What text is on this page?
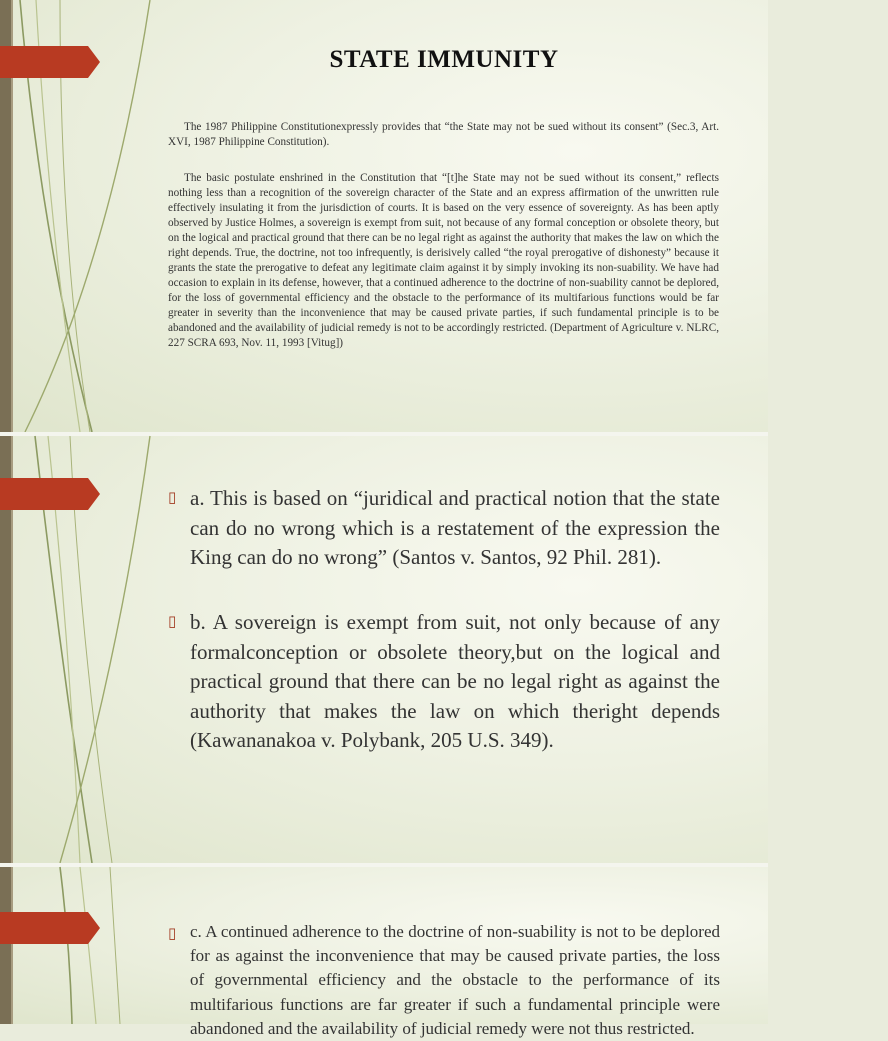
STATE IMMUNITY
The 1987 Philippine Constitutionexpressly provides that “the State may not be sued without its consent” (Sec.3, Art. XVI, 1987 Philippine Constitution).
The basic postulate enshrined in the Constitution that “[t]he State may not be sued without its consent,” reflects nothing less than a recognition of the sovereign character of the State and an express affirmation of the unwritten rule effectively insulating it from the jurisdiction of courts. It is based on the very essence of sovereignty. As has been aptly observed by Justice Holmes, a sovereign is exempt from suit, not because of any formal conception or obsolete theory, but on the logical and practical ground that there can be no legal right as against the authority that makes the law on which the right depends. True, the doctrine, not too infrequently, is derisively called “the royal prerogative of dishonesty” because it grants the state the prerogative to defeat any legitimate claim against it by simply invoking its non-suability. We have had occasion to explain in its defense, however, that a continued adherence to the doctrine of non-suability cannot be deplored, for the loss of governmental efficiency and the obstacle to the performance of its multifarious functions would be far greater in severity than the inconvenience that may be caused private parties, if such fundamental principle is to be abandoned and the availability of judicial remedy is not to be accordingly restricted. (Department of Agriculture v. NLRC, 227 SCRA 693, Nov. 11, 1993 [Vitug])
▯ a. This is based on “juridical and practical notion that the state can do no wrong which is a restatement of the expression the King can do no wrong” (Santos v. Santos, 92 Phil. 281).
▯ b. A sovereign is exempt from suit, not only because of any formalconception or obsolete theory,but on the logical and practical ground that there can be no legal right as against the authority that makes the law on which theright depends (Kawananakoa v. Polybank, 205 U.S. 349).
▯ c. A continued adherence to the doctrine of non-suability is not to be deplored for as against the inconvenience that may be caused private parties, the loss of governmental efficiency and the obstacle to the performance of its multifarious functions are far greater if such a fundamental principle were abandoned and the availability of judicial remedy were not thus restricted.
